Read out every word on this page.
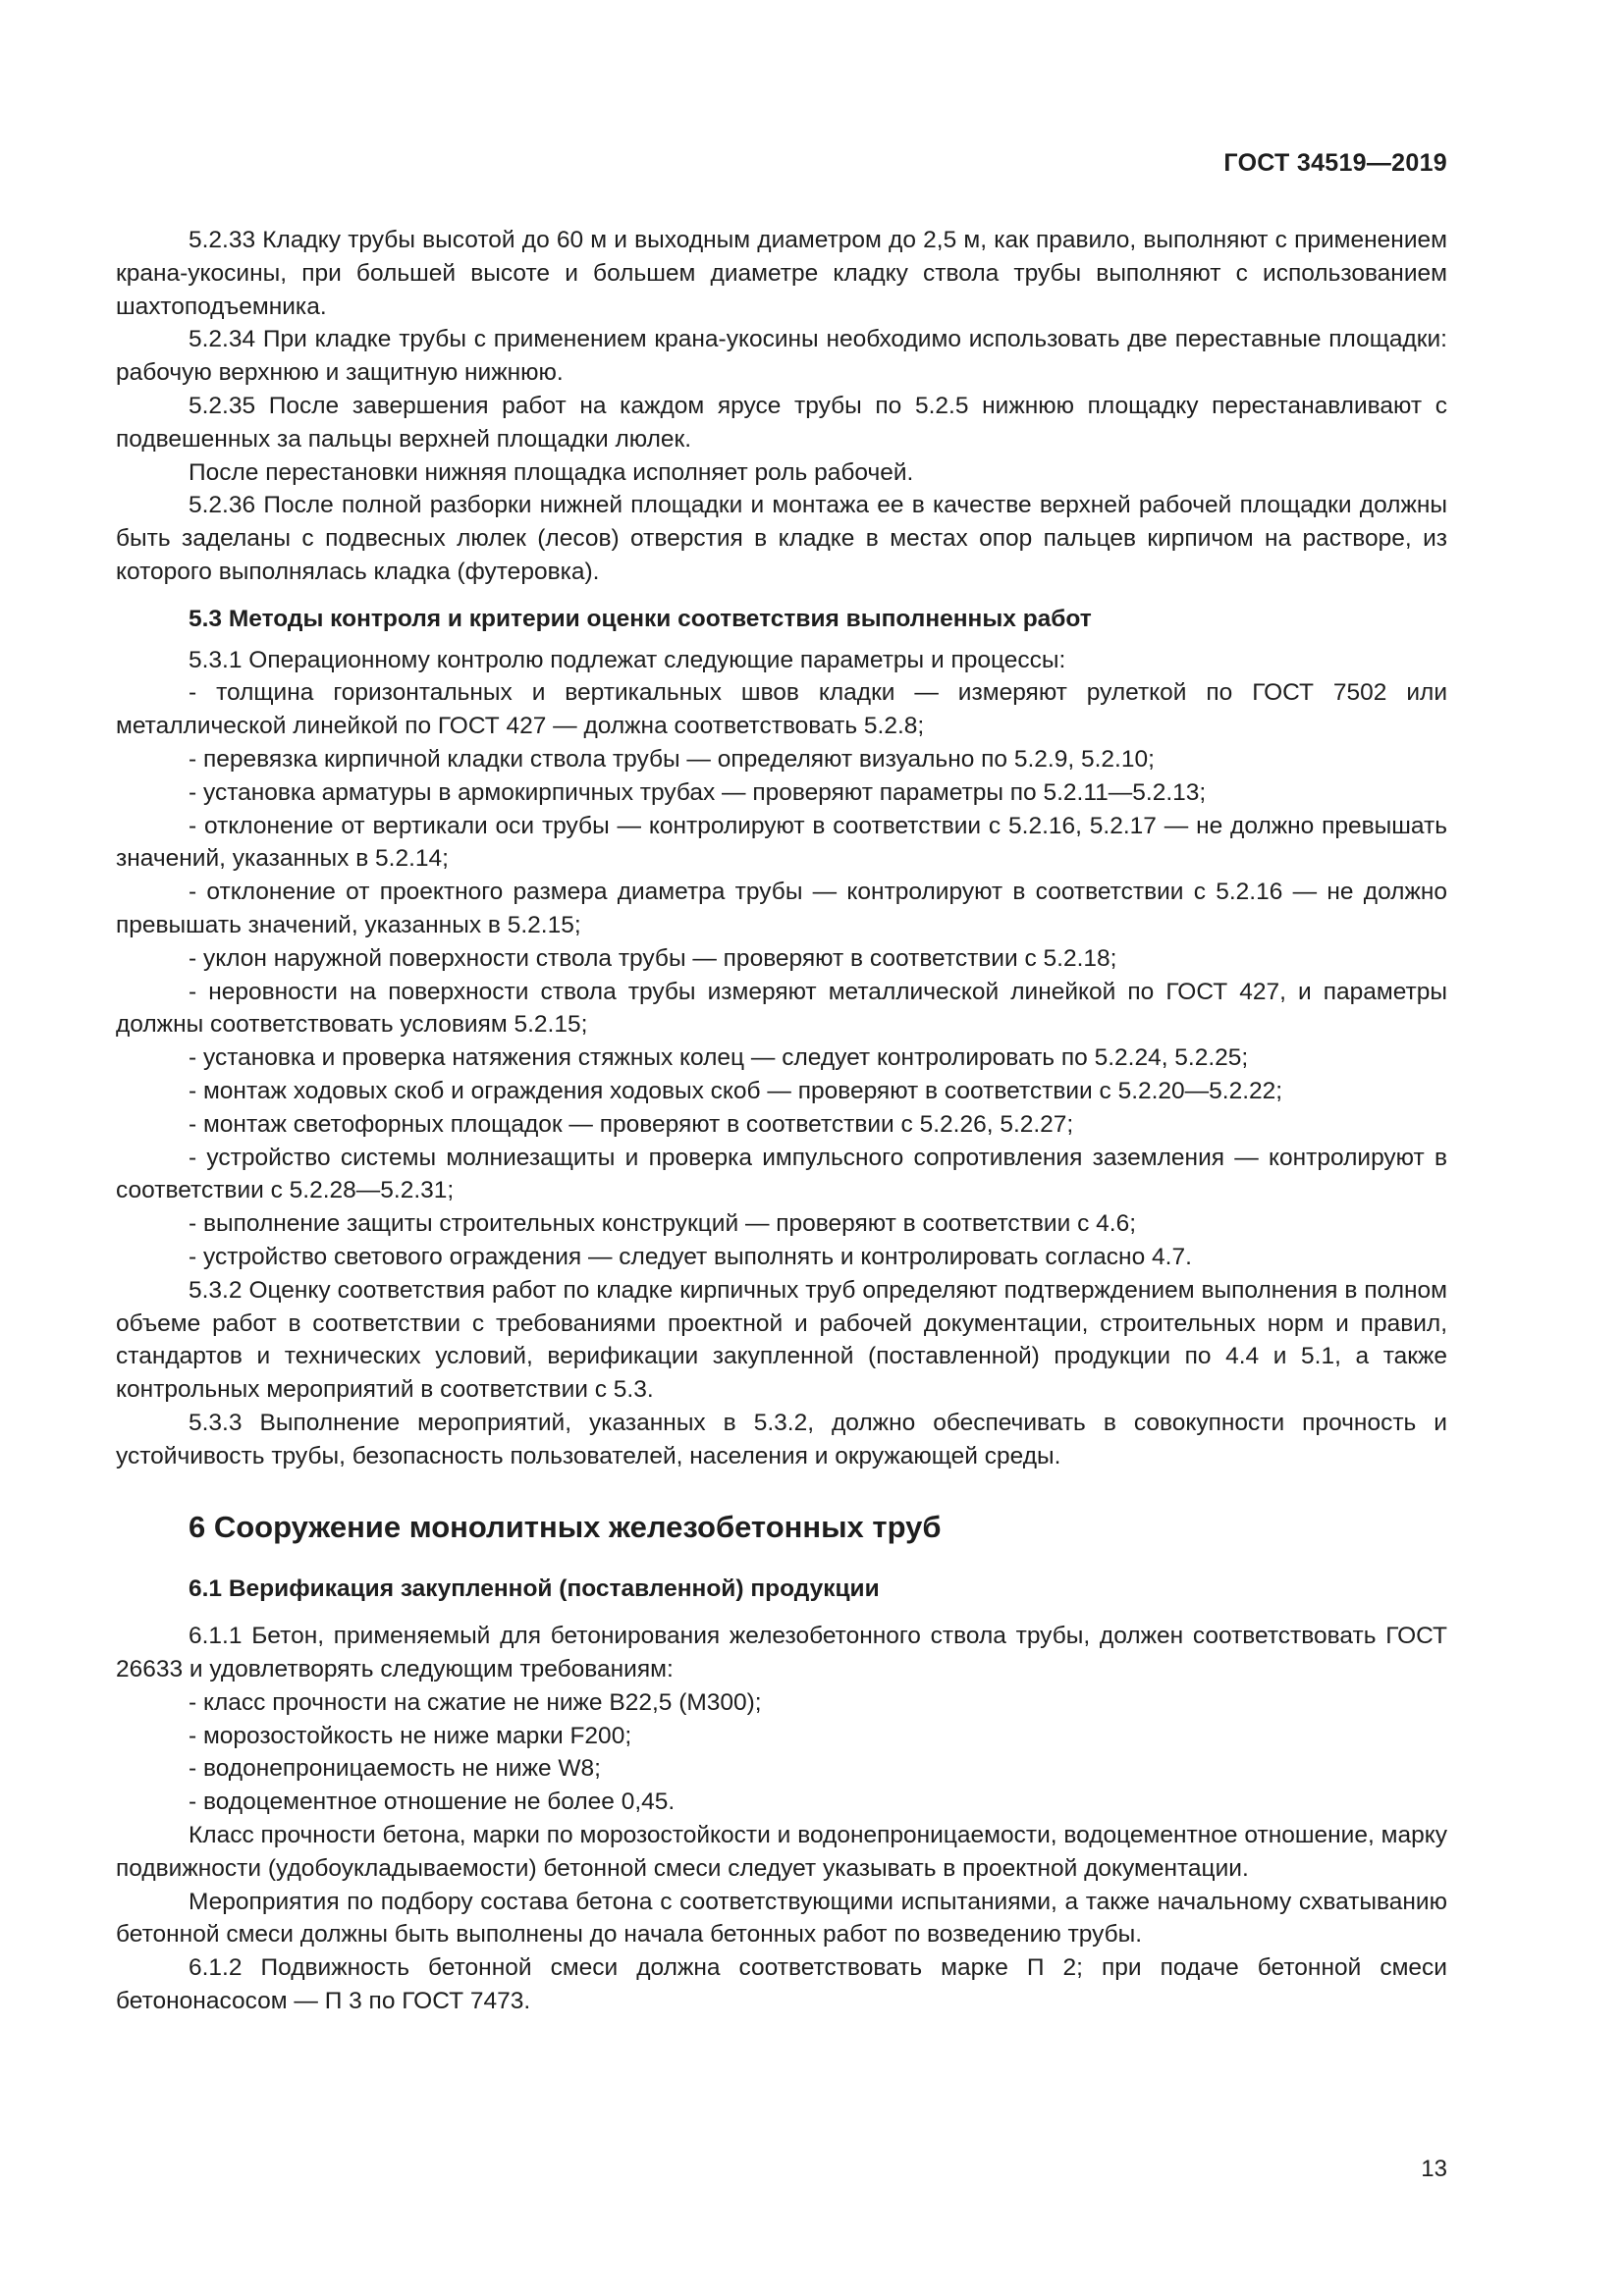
ГОСТ 34519—2019

5.2.33 Кладку трубы высотой до 60 м и выходным диаметром до 2,5 м, как правило, выполняют с применением крана-укосины, при большей высоте и большем диаметре кладку ствола трубы выполняют с использованием шахтоподъемника.

5.2.34 При кладке трубы с применением крана-укосины необходимо использовать две переставные площадки: рабочую верхнюю и защитную нижнюю.

5.2.35 После завершения работ на каждом ярусе трубы по 5.2.5 нижнюю площадку перестанавливают с подвешенных за пальцы верхней площадки люлек.

После перестановки нижняя площадка исполняет роль рабочей.

5.2.36 После полной разборки нижней площадки и монтажа ее в качестве верхней рабочей площадки должны быть заделаны с подвесных люлек (лесов) отверстия в кладке в местах опор пальцев кирпичом на растворе, из которого выполнялась кладка (футеровка).

5.3 Методы контроля и критерии оценки соответствия выполненных работ

5.3.1 Операционному контролю подлежат следующие параметры и процессы:

- толщина горизонтальных и вертикальных швов кладки — измеряют рулеткой по ГОСТ 7502 или металлической линейкой по ГОСТ 427 — должна соответствовать 5.2.8;

- перевязка кирпичной кладки ствола трубы — определяют визуально по 5.2.9, 5.2.10;

- установка арматуры в армокирпичных трубах — проверяют параметры по 5.2.11—5.2.13;

- отклонение от вертикали оси трубы — контролируют в соответствии с 5.2.16, 5.2.17 — не должно превышать значений, указанных в 5.2.14;

- отклонение от проектного размера диаметра трубы — контролируют в соответствии с 5.2.16 — не должно превышать значений, указанных в 5.2.15;

- уклон наружной поверхности ствола трубы — проверяют в соответствии с 5.2.18;

- неровности на поверхности ствола трубы измеряют металлической линейкой по ГОСТ 427, и параметры должны соответствовать условиям 5.2.15;

- установка и проверка натяжения стяжных колец — следует контролировать по 5.2.24, 5.2.25;

- монтаж ходовых скоб и ограждения ходовых скоб — проверяют в соответствии с 5.2.20—5.2.22;

- монтаж светофорных площадок — проверяют в соответствии с 5.2.26, 5.2.27;

- устройство системы молниезащиты и проверка импульсного сопротивления заземления — контролируют в соответствии с 5.2.28—5.2.31;

- выполнение защиты строительных конструкций — проверяют в соответствии с 4.6;

- устройство светового ограждения — следует выполнять и контролировать согласно 4.7.

5.3.2 Оценку соответствия работ по кладке кирпичных труб определяют подтверждением выполнения в полном объеме работ в соответствии с требованиями проектной и рабочей документации, строительных норм и правил, стандартов и технических условий, верификации закупленной (поставленной) продукции по 4.4 и 5.1, а также контрольных мероприятий в соответствии с 5.3.

5.3.3 Выполнение мероприятий, указанных в 5.3.2, должно обеспечивать в совокупности прочность и устойчивость трубы, безопасность пользователей, населения и окружающей среды.

6 Сооружение монолитных железобетонных труб

6.1 Верификация закупленной (поставленной) продукции

6.1.1 Бетон, применяемый для бетонирования железобетонного ствола трубы, должен соответствовать ГОСТ 26633 и удовлетворять следующим требованиям:

- класс прочности на сжатие не ниже В22,5 (М300);

- морозостойкость не ниже марки F200;

- водонепроницаемость не ниже W8;

- водоцементное отношение не более 0,45.

Класс прочности бетона, марки по морозостойкости и водонепроницаемости, водоцементное отношение, марку подвижности (удобоукладываемости) бетонной смеси следует указывать в проектной документации.

Мероприятия по подбору состава бетона с соответствующими испытаниями, а также начальному схватыванию бетонной смеси должны быть выполнены до начала бетонных работ по возведению трубы.

6.1.2 Подвижность бетонной смеси должна соответствовать марке П 2; при подаче бетонной смеси бетононасосом — П 3 по ГОСТ 7473.

13
